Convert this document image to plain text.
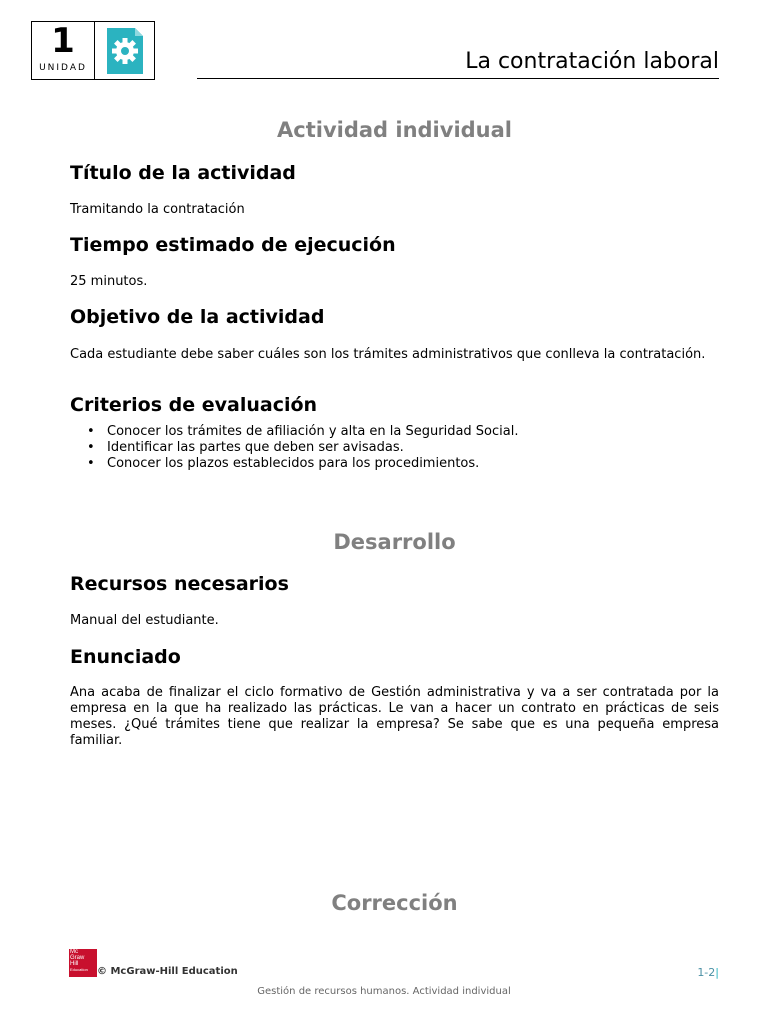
1
UNIDAD	La contratación laboral
Actividad individual
Título de la actividad
Tramitando la contratación
Tiempo estimado de ejecución
25 minutos.
Objetivo de la actividad
Cada estudiante debe saber cuáles son los trámites administrativos que conlleva la contratación.
Criterios de evaluación
• Conocer los trámites de afiliación y alta en la Seguridad Social.
• Identificar las partes que deben ser avisadas.
• Conocer los plazos establecidos para los procedimientos.
Desarrollo
Recursos necesarios
Manual del estudiante.
Enunciado
Ana acaba de finalizar el ciclo formativo de Gestión administrativa y va a ser contratada por la empresa en la que ha realizado las prácticas. Le van a hacer un contrato en prácticas de seis meses. ¿Qué trámites tiene que realizar la empresa? Se sabe que es una pequeña empresa familiar.
Corrección
Mc
Graw
Hill
Education © McGraw-Hill Education	1-2|
Gestión de recursos humanos. Actividad individual
